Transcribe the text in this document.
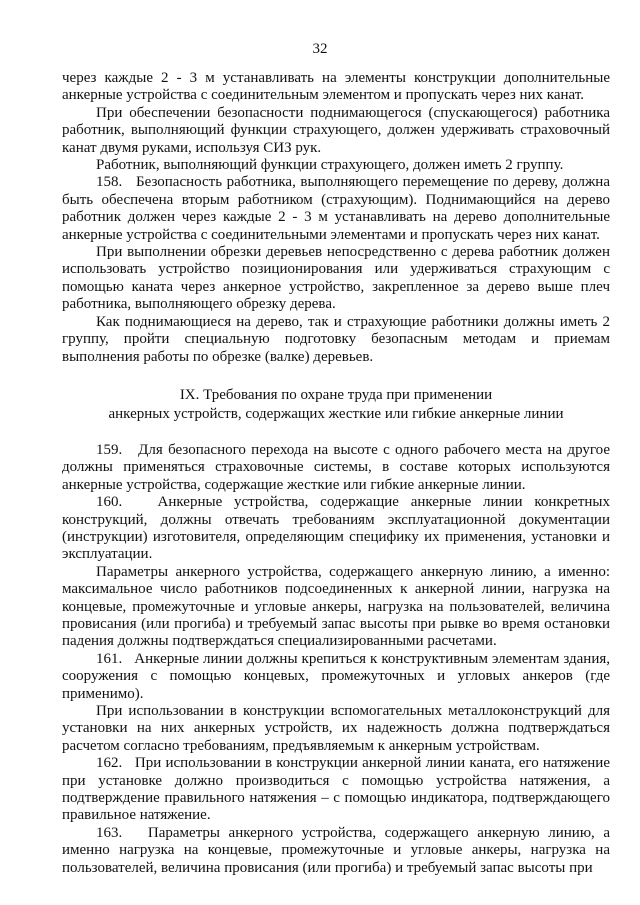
32

через каждые 2 - 3 м устанавливать на элементы конструкции дополнительные анкерные устройства с соединительным элементом и пропускать через них канат.

При обеспечении безопасности поднимающегося (спускающегося) работника работник, выполняющий функции страхующего, должен удерживать страховочный канат двумя руками, используя СИЗ рук.

Работник, выполняющий функции страхующего, должен иметь 2 группу.

158.   Безопасность работника, выполняющего перемещение по дереву, должна быть обеспечена вторым работником (страхующим). Поднимающийся на дерево работник должен через каждые 2 - 3 м устанавливать на дерево дополнительные анкерные устройства с соединительными элементами и пропускать через них канат.

При выполнении обрезки деревьев непосредственно с дерева работник должен использовать устройство позиционирования или удерживаться страхующим с помощью каната через анкерное устройство, закрепленное за дерево выше плеч работника, выполняющего обрезку дерева.

Как поднимающиеся на дерево, так и страхующие работники должны иметь 2 группу, пройти специальную подготовку безопасным методам и приемам выполнения работы по обрезке (валке) деревьев.

IX. Требования по охране труда при применении
анкерных устройств, содержащих жесткие или гибкие анкерные линии

159.   Для безопасного перехода на высоте с одного рабочего места на другое должны применяться страховочные системы, в составе которых используются анкерные устройства, содержащие жесткие или гибкие анкерные линии.

160.   Анкерные устройства, содержащие анкерные линии конкретных конструкций, должны отвечать требованиям эксплуатационной документации (инструкции) изготовителя, определяющим специфику их применения, установки и эксплуатации.

Параметры анкерного устройства, содержащего анкерную линию, а именно: максимальное число работников подсоединенных к анкерной линии, нагрузка на концевые, промежуточные и угловые анкеры, нагрузка на пользователей, величина провисания (или прогиба) и требуемый запас высоты при рывке во время остановки падения должны подтверждаться специализированными расчетами.

161.   Анкерные линии должны крепиться к конструктивным элементам здания, сооружения с помощью концевых, промежуточных и угловых анкеров (где применимо).

При использовании в конструкции вспомогательных металлоконструкций для установки на них анкерных устройств, их надежность должна подтверждаться расчетом согласно требованиям, предъявляемым к анкерным устройствам.

162.   При использовании в конструкции анкерной линии каната, его натяжение при установке должно производиться с помощью устройства натяжения, а подтверждение правильного натяжения – с помощью индикатора, подтверждающего правильное натяжение.

163.   Параметры анкерного устройства, содержащего анкерную линию, а именно нагрузка на концевые, промежуточные и угловые анкеры, нагрузка на пользователей, величина провисания (или прогиба) и требуемый запас высоты при
